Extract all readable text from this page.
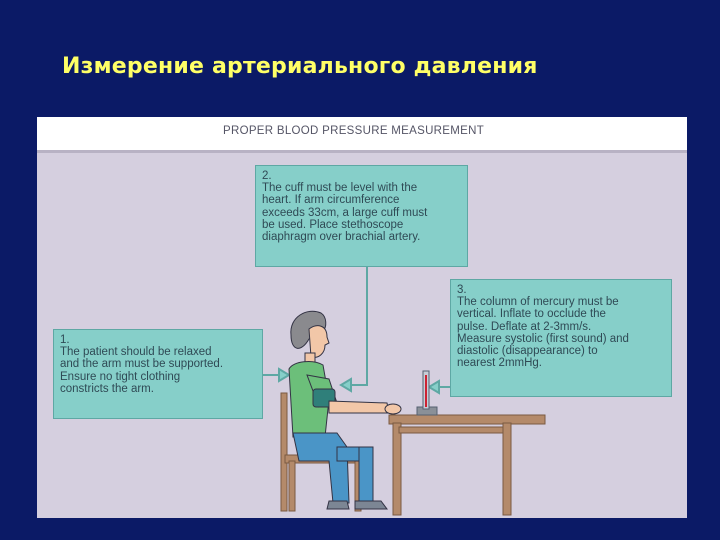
Измерение артериального давления
PROPER BLOOD PRESSURE MEASUREMENT
2.
The cuff must be level with the
heart. If arm circumference
exceeds 33cm, a large cuff must
be used. Place stethoscope
diaphragm over brachial artery.
3.
The column of mercury must be
vertical. Inflate to occlude the
pulse. Deflate at 2-3mm/s.
Measure systolic (first sound) and
diastolic (disappearance) to
nearest 2mmHg.
1.
The patient should be relaxed
and the arm must be supported.
Ensure no tight clothing
constricts the arm.
